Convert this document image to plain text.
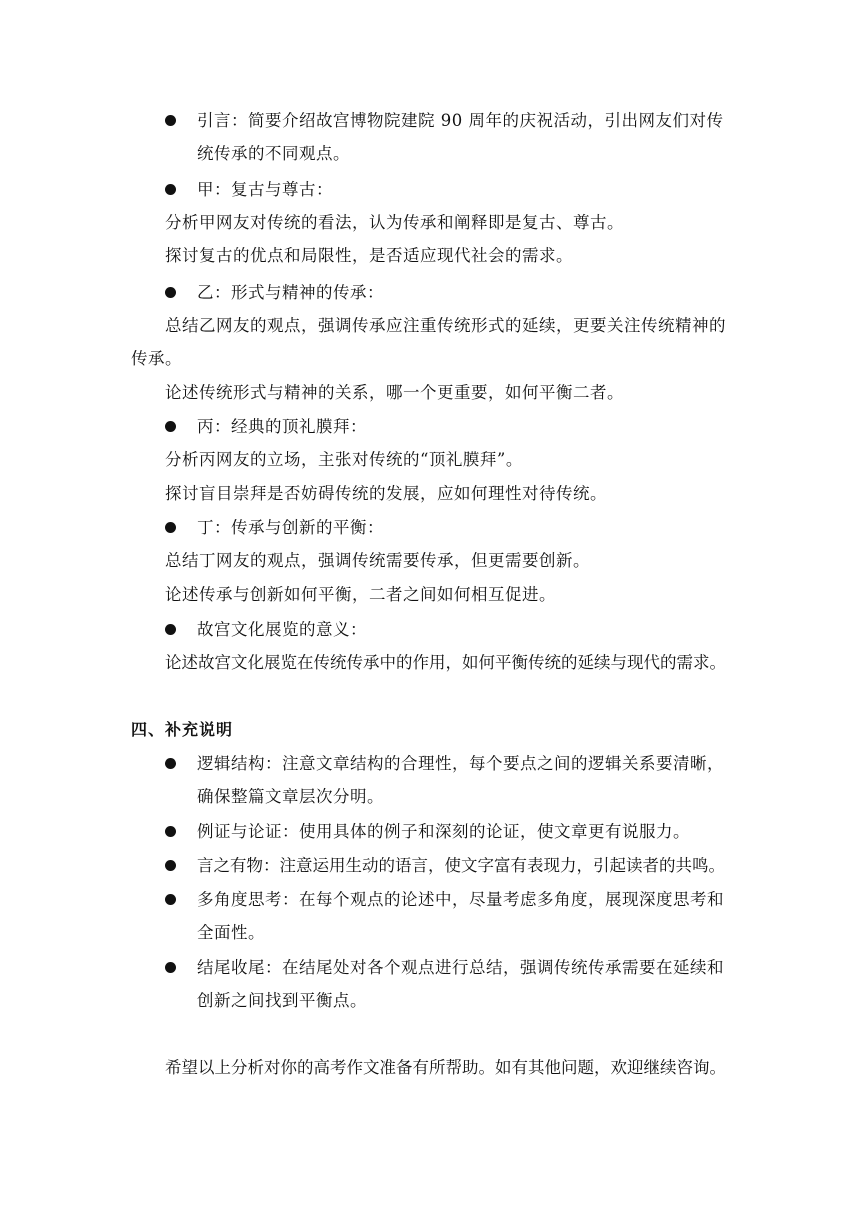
引言：简要介绍故宫博物院建院 90 周年的庆祝活动，引出网友们对传
统传承的不同观点。
甲：复古与尊古：
分析甲网友对传统的看法，认为传承和阐释即是复古、尊古。
探讨复古的优点和局限性，是否适应现代社会的需求。
乙：形式与精神的传承：
总结乙网友的观点，强调传承应注重传统形式的延续，更要关注传统精神的
传承。
论述传统形式与精神的关系，哪一个更重要，如何平衡二者。
丙：经典的顶礼膜拜：
分析丙网友的立场，主张对传统的“顶礼膜拜”。
探讨盲目崇拜是否妨碍传统的发展，应如何理性对待传统。
丁：传承与创新的平衡：
总结丁网友的观点，强调传统需要传承，但更需要创新。
论述传承与创新如何平衡，二者之间如何相互促进。
故宫文化展览的意义：
论述故宫文化展览在传统传承中的作用，如何平衡传统的延续与现代的需求。
四、补充说明
逻辑结构：注意文章结构的合理性，每个要点之间的逻辑关系要清晰，
确保整篇文章层次分明。
例证与论证：使用具体的例子和深刻的论证，使文章更有说服力。
言之有物：注意运用生动的语言，使文字富有表现力，引起读者的共鸣。
多角度思考：在每个观点的论述中，尽量考虑多角度，展现深度思考和
全面性。
结尾收尾：在结尾处对各个观点进行总结，强调传统传承需要在延续和
创新之间找到平衡点。
希望以上分析对你的高考作文准备有所帮助。如有其他问题，欢迎继续咨询。
